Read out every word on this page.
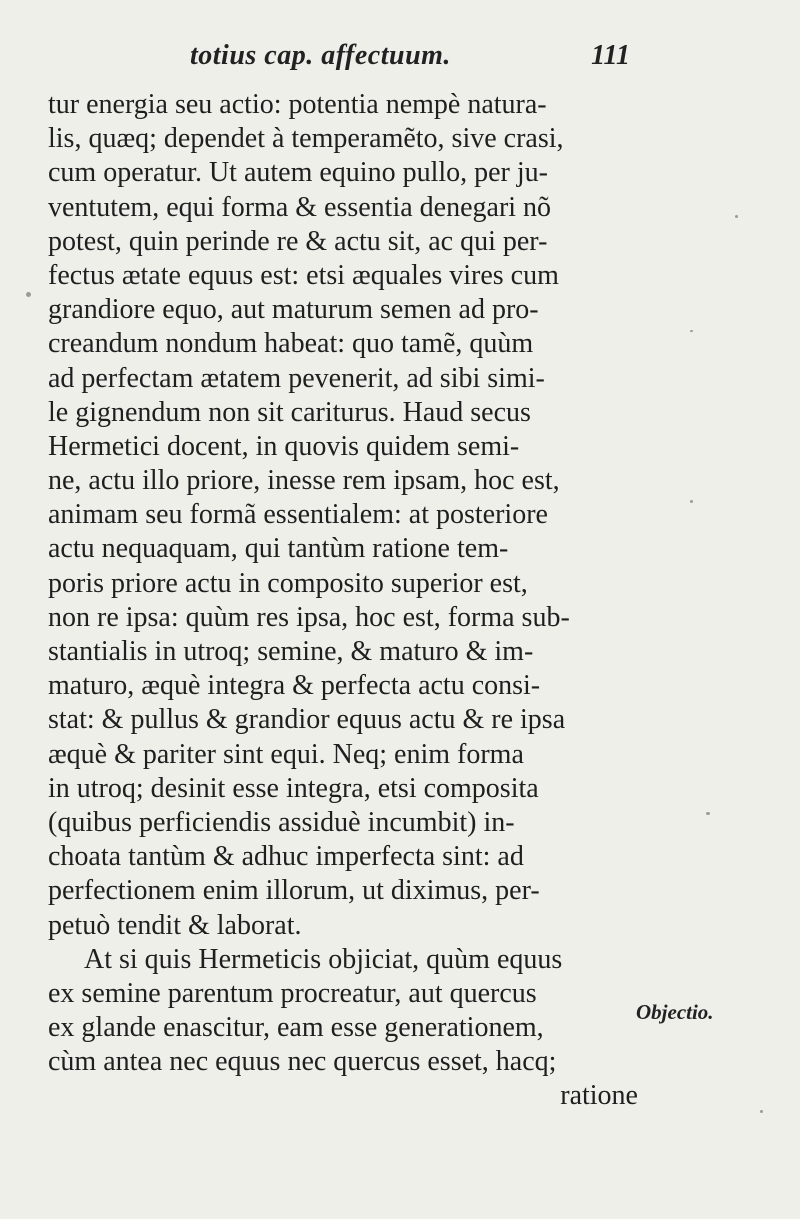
totius cap. affectuum.	111
tur energia seu actio: potentia nempè natura-
lis, quæq; dependet à temperamẽto, sive crasi,
cum operatur. Ut autem equino pullo, per ju-
ventutem, equi forma & essentia denegari nõ
potest, quin perinde re & actu sit, ac qui per-
fectus ætate equus est: etsi æquales vires cum
grandiore equo, aut maturum semen ad pro-
creandum nondum habeat: quo tamẽ, quùm
ad perfectam ætatem pevenerit, ad sibi simi-
le gignendum non sit cariturus. Haud secus
Hermetici docent, in quovis quidem semi-
ne, actu illo priore, inesse rem ipsam, hoc est,
animam seu formã essentialem: at posteriore
actu nequaquam, qui tantùm ratione tem-
poris priore actu in composito superior est,
non re ipsa: quùm res ipsa, hoc est, forma sub-
stantialis in utroq; semine, & maturo & im-
maturo, æquè integra & perfecta actu consi-
stat: & pullus & grandior equus actu & re ipsa
æquè & pariter sint equi. Neq; enim forma
in utroq; desinit esse integra, etsi composita
(quibus perficiendis assiduè incumbit) in-
choata tantùm & adhuc imperfecta sint: ad
perfectionem enim illorum, ut diximus, per-
petuò tendit & laborat.
At si quis Hermeticis objiciat, quùm equus
ex semine parentum procreatur, aut quercus
ex glande enascitur, eam esse generationem,
cùm antea nec equus nec quercus esset, hacq;
ratione
Objectio.
